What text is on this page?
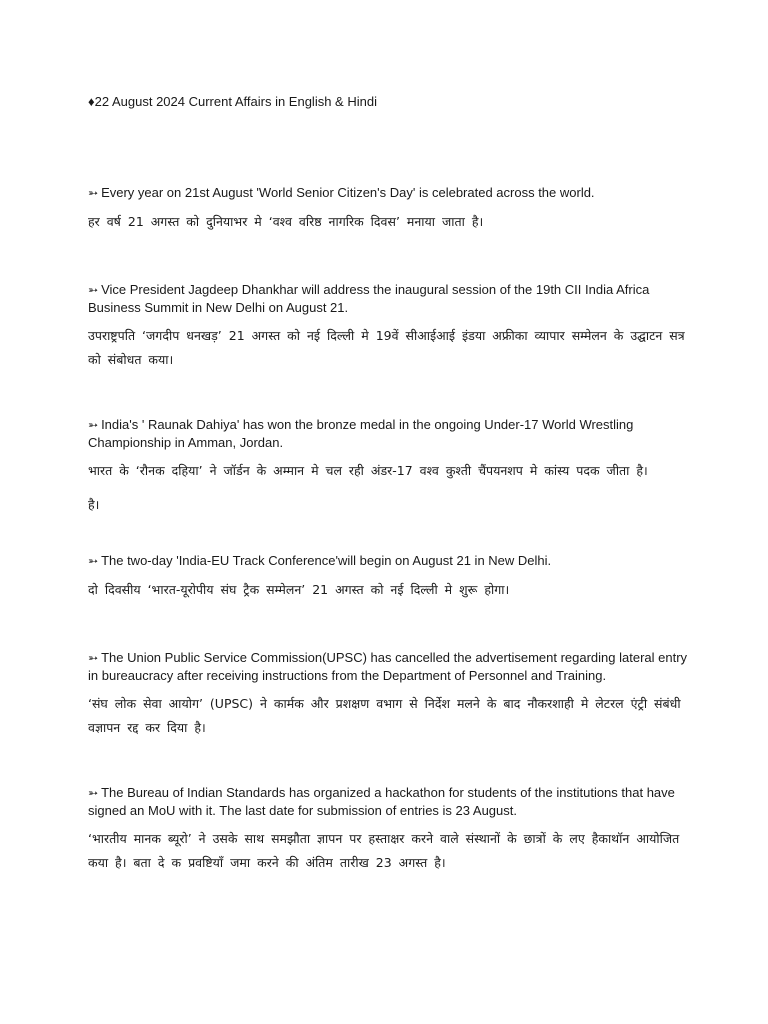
♦22 August 2024 Current Affairs in English & Hindi

➳ Every year on 21st August 'World Senior Citizen's Day' is celebrated across the world.

हर वर्ष 21 अगस्त को दुनियाभर मे ‘वश्व वरिष्ठ नागरिक दिवस’ मनाया जाता है।

➳ Vice President Jagdeep Dhankhar will address the inaugural session of the 19th CII India Africa Business Summit in New Delhi on August 21.

उपराष्ट्रपति ‘जगदीप धनखड़’ 21 अगस्त को नई दिल्ली मे 19वें सीआईआई इंडया अफ्रीका व्यापार सम्मेलन के उद्घाटन सत्र को संबोधत कया।

➳ India's ' Raunak Dahiya' has won the bronze medal in the ongoing Under-17 World Wrestling Championship in Amman, Jordan.

भारत के ‘रौनक दहिया’ ने जॉर्डन के अम्मान मे चल रही अंडर-17 वश्व कुश्ती चैंपयनशप मे कांस्य पदक जीता है।

है।

➳ The two-day 'India-EU Track Conference'will begin on August 21 in New Delhi.

दो दिवसीय ‘भारत-यूरोपीय संघ ट्रैक सम्मेलन’ 21 अगस्त को नई दिल्ली मे शुरू होगा।

➳ The Union Public Service Commission(UPSC) has cancelled the advertisement regarding lateral entry in bureaucracy after receiving instructions from the Department of Personnel and Training.

‘संघ लोक सेवा आयोग’ (UPSC) ने कार्मक और प्रशक्षण वभाग से निर्देश मलने के बाद नौकरशाही मे लेटरल एंट्री संबंधी वज्ञापन रद्द कर दिया है।

➳ The Bureau of Indian Standards has organized a hackathon for students of the institutions that have signed an MoU with it. The last date for submission of entries is 23 August.

‘भारतीय मानक ब्यूरो’ ने उसके साथ समझौता ज्ञापन पर हस्ताक्षर करने वाले संस्थानों के छात्रों के लए हैकाथॉन आयोजित कया है। बता दे क प्रवष्टियाँ जमा करने की अंतिम तारीख 23 अगस्त है।
